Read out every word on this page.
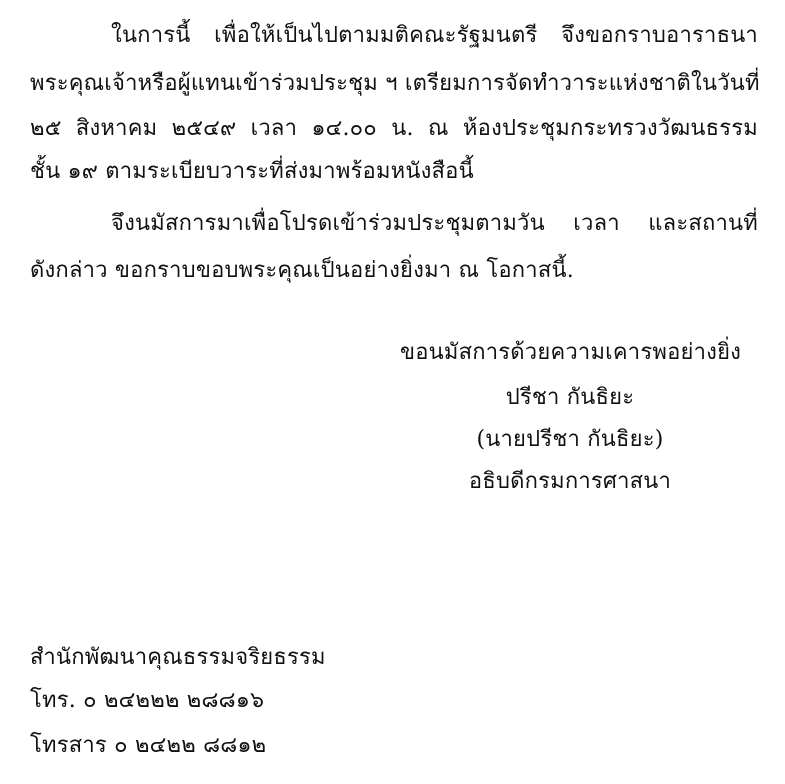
ในการนี้ เพื่อให้เป็นไปตามมติคณะรัฐมนตรี จึงขอกราบอาราธนา
พระคุณเจ้าหรือผู้แทนเข้าร่วมประชุม ฯ เตรียมการจัดทำวาระแห่งชาติในวันที่
๒๕ สิงหาคม ๒๕๔๙ เวลา ๑๔.๐๐ น. ณ ห้องประชุมกระทรวงวัฒนธรรม
ชั้น ๑๙ ตามระเบียบวาระที่ส่งมาพร้อมหนังสือนี้
จึงนมัสการมาเพื่อโปรดเข้าร่วมประชุมตามวัน เวลา และสถานที่
ดังกล่าว ขอกราบขอบพระคุณเป็นอย่างยิ่งมา ณ โอกาสนี้.
ขอนมัสการด้วยความเคารพอย่างยิ่ง
ปรีชา กันธิยะ
(นายปรีชา กันธิยะ)
อธิบดีกรมการศาสนา
สำนักพัฒนาคุณธรรมจริยธรรม
โทร. ๐ ๒๔๒๒๒ ๒๘๘๑๖
โทรสาร ๐ ๒๔๒๒ ๘๘๑๒
